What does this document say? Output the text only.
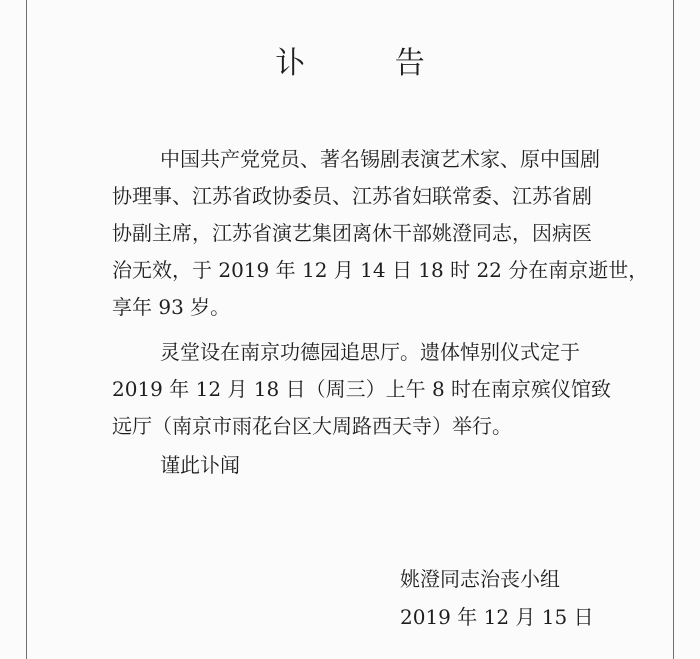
讣 告
中国共产党党员、著名锡剧表演艺术家、原中国剧
协理事、江苏省政协委员、江苏省妇联常委、江苏省剧
协副主席，江苏省演艺集团离休干部姚澄同志，因病医
治无效，于 2019 年 12 月 14 日 18 时 22 分在南京逝世，
享年 93 岁。
灵堂设在南京功德园追思厅。遗体悼别仪式定于
2019 年 12 月 18 日（周三）上午 8 时在南京殡仪馆致
远厅（南京市雨花台区大周路西天寺）举行。
谨此讣闻
姚澄同志治丧小组
2019 年 12 月 15 日
